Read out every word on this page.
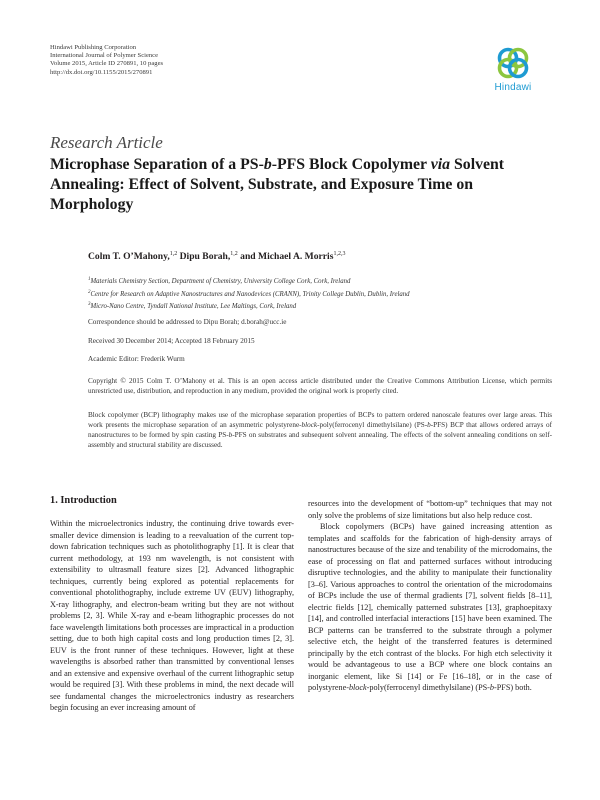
Hindawi Publishing Corporation
International Journal of Polymer Science
Volume 2015, Article ID 270891, 10 pages
http://dx.doi.org/10.1155/2015/270891
Hindawi
Research Article
Microphase Separation of a PS-b-PFS Block Copolymer via Solvent Annealing: Effect of Solvent, Substrate, and Exposure Time on Morphology
Colm T. O’Mahony,$^{1,2}$ Dipu Borah,$^{1,2}$ and Michael A. Morris$^{1,2,3}$
$^1$Materials Chemistry Section, Department of Chemistry, University College Cork, Cork, Ireland
$^2$Centre for Research on Adaptive Nanostructures and Nanodevices (CRANN), Trinity College Dublin, Dublin, Ireland
$^3$Micro-Nano Centre, Tyndall National Institute, Lee Maltings, Cork, Ireland
Correspondence should be addressed to Dipu Borah; d.borah@ucc.ie
Received 30 December 2014; Accepted 18 February 2015
Academic Editor: Frederik Wurm
Copyright © 2015 Colm T. O’Mahony et al. This is an open access article distributed under the Creative Commons Attribution License, which permits unrestricted use, distribution, and reproduction in any medium, provided the original work is properly cited.
Block copolymer (BCP) lithography makes use of the microphase separation properties of BCPs to pattern ordered nanoscale features over large areas. This work presents the microphase separation of an asymmetric polystyrene-block-poly(ferrocenyl dimethylsilane) (PS-b-PFS) BCP that allows ordered arrays of nanostructures to be formed by spin casting PS-b-PFS on substrates and subsequent solvent annealing. The effects of the solvent annealing conditions on self-assembly and structural stability are discussed.
1. Introduction

Within the microelectronics industry, the continuing drive towards ever-smaller device dimension is leading to a reevaluation of the current top-down fabrication techniques such as photolithography [1]. It is clear that current methodology, at 193 nm wavelength, is not consistent with extensibility to ultrasmall feature sizes [2]. Advanced lithographic techniques, currently being explored as potential replacements for conventional photolithography, include extreme UV (EUV) lithography, X-ray lithography, and electron-beam writing but they are not without problems [2, 3]. While X-ray and e-beam lithographic processes do not face wavelength limitations both processes are impractical in a production setting, due to both high capital costs and long production times [2, 3]. EUV is the front runner of these techniques. However, light at these wavelengths is absorbed rather than transmitted by conventional lenses and an extensive and expensive overhaul of the current lithographic setup would be required [3]. With these problems in mind, the next decade will see fundamental changes the microelectronics industry as researchers begin focusing an ever increasing amount of

resources into the development of “bottom-up” techniques that may not only solve the problems of size limitations but also help reduce cost.

Block copolymers (BCPs) have gained increasing attention as templates and scaffolds for the fabrication of high-density arrays of nanostructures because of the size and tenability of the microdomains, the ease of processing on flat and patterned surfaces without introducing disruptive technologies, and the ability to manipulate their functionality [3–6]. Various approaches to control the orientation of the microdomains of BCPs include the use of thermal gradients [7], solvent fields [8–11], electric fields [12], chemically patterned substrates [13], graphoepitaxy [14], and controlled interfacial interactions [15] have been examined. The BCP patterns can be transferred to the substrate through a polymer selective etch, the height of the transferred features is determined principally by the etch contrast of the blocks. For high etch selectivity it would be advantageous to use a BCP where one block contains an inorganic element, like Si [14] or Fe [16–18], or in the case of polystyrene-block-poly(ferrocenyl dimethylsilane) (PS-b-PFS) both.
